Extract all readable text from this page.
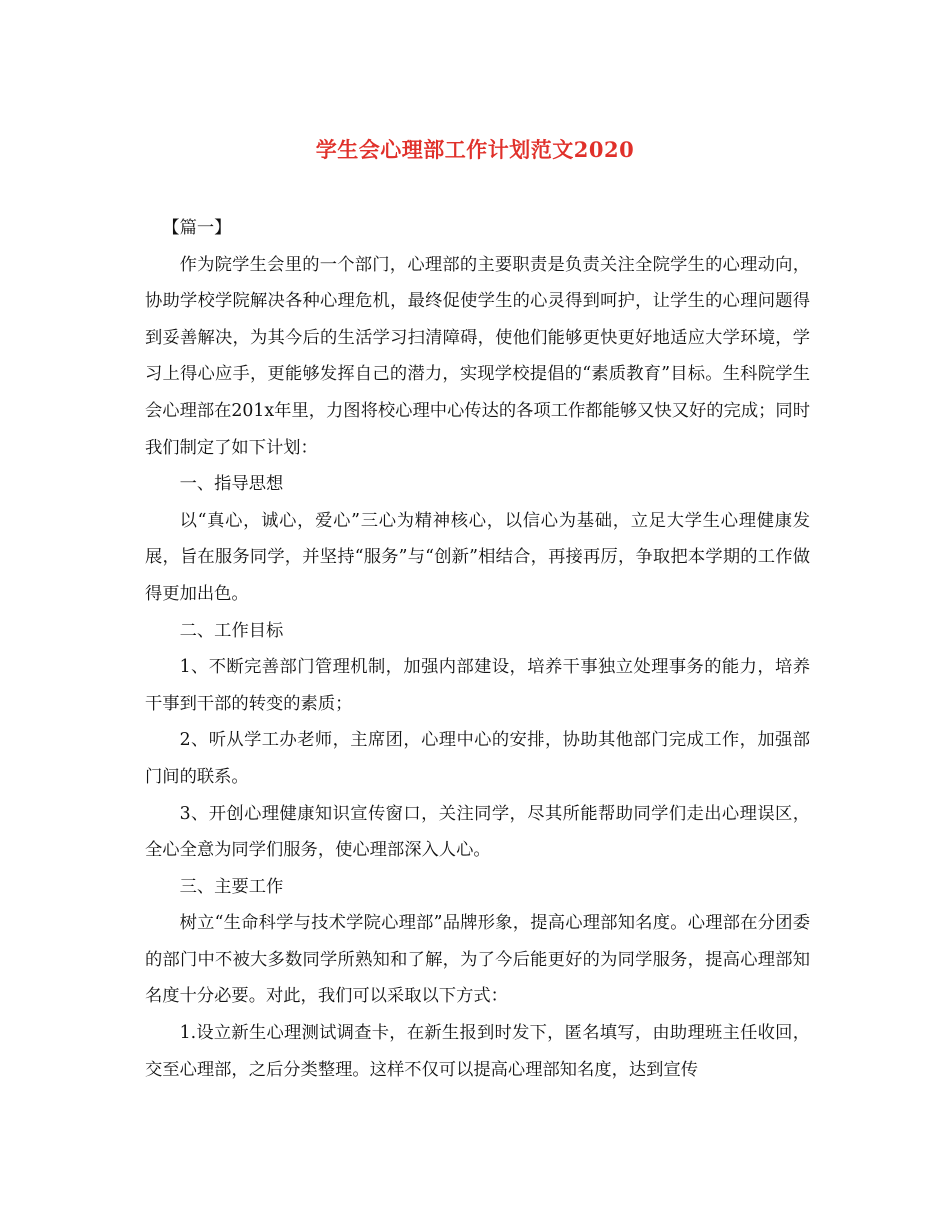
学生会心理部工作计划范文2020

【篇一】

作为院学生会里的一个部门，心理部的主要职责是负责关注全院学生的心理动向，协助学校学院解决各种心理危机，最终促使学生的心灵得到呵护，让学生的心理问题得到妥善解决，为其今后的生活学习扫清障碍，使他们能够更快更好地适应大学环境，学习上得心应手，更能够发挥自己的潜力，实现学校提倡的“素质教育”目标。生科院学生会心理部在201x年里，力图将校心理中心传达的各项工作都能够又快又好的完成；同时我们制定了如下计划：

一、指导思想

以“真心，诚心，爱心”三心为精神核心，以信心为基础，立足大学生心理健康发展，旨在服务同学，并坚持“服务”与“创新”相结合，再接再厉，争取把本学期的工作做得更加出色。

二、工作目标

1、不断完善部门管理机制，加强内部建设，培养干事独立处理事务的能力，培养干事到干部的转变的素质；

2、听从学工办老师，主席团，心理中心的安排，协助其他部门完成工作，加强部门间的联系。

3、开创心理健康知识宣传窗口，关注同学，尽其所能帮助同学们走出心理误区，全心全意为同学们服务，使心理部深入人心。

三、主要工作

树立“生命科学与技术学院心理部”品牌形象，提高心理部知名度。心理部在分团委的部门中不被大多数同学所熟知和了解，为了今后能更好的为同学服务，提高心理部知名度十分必要。对此，我们可以采取以下方式：

1.设立新生心理测试调查卡，在新生报到时发下，匿名填写，由助理班主任收回，交至心理部，之后分类整理。这样不仅可以提高心理部知名度，达到宣传
